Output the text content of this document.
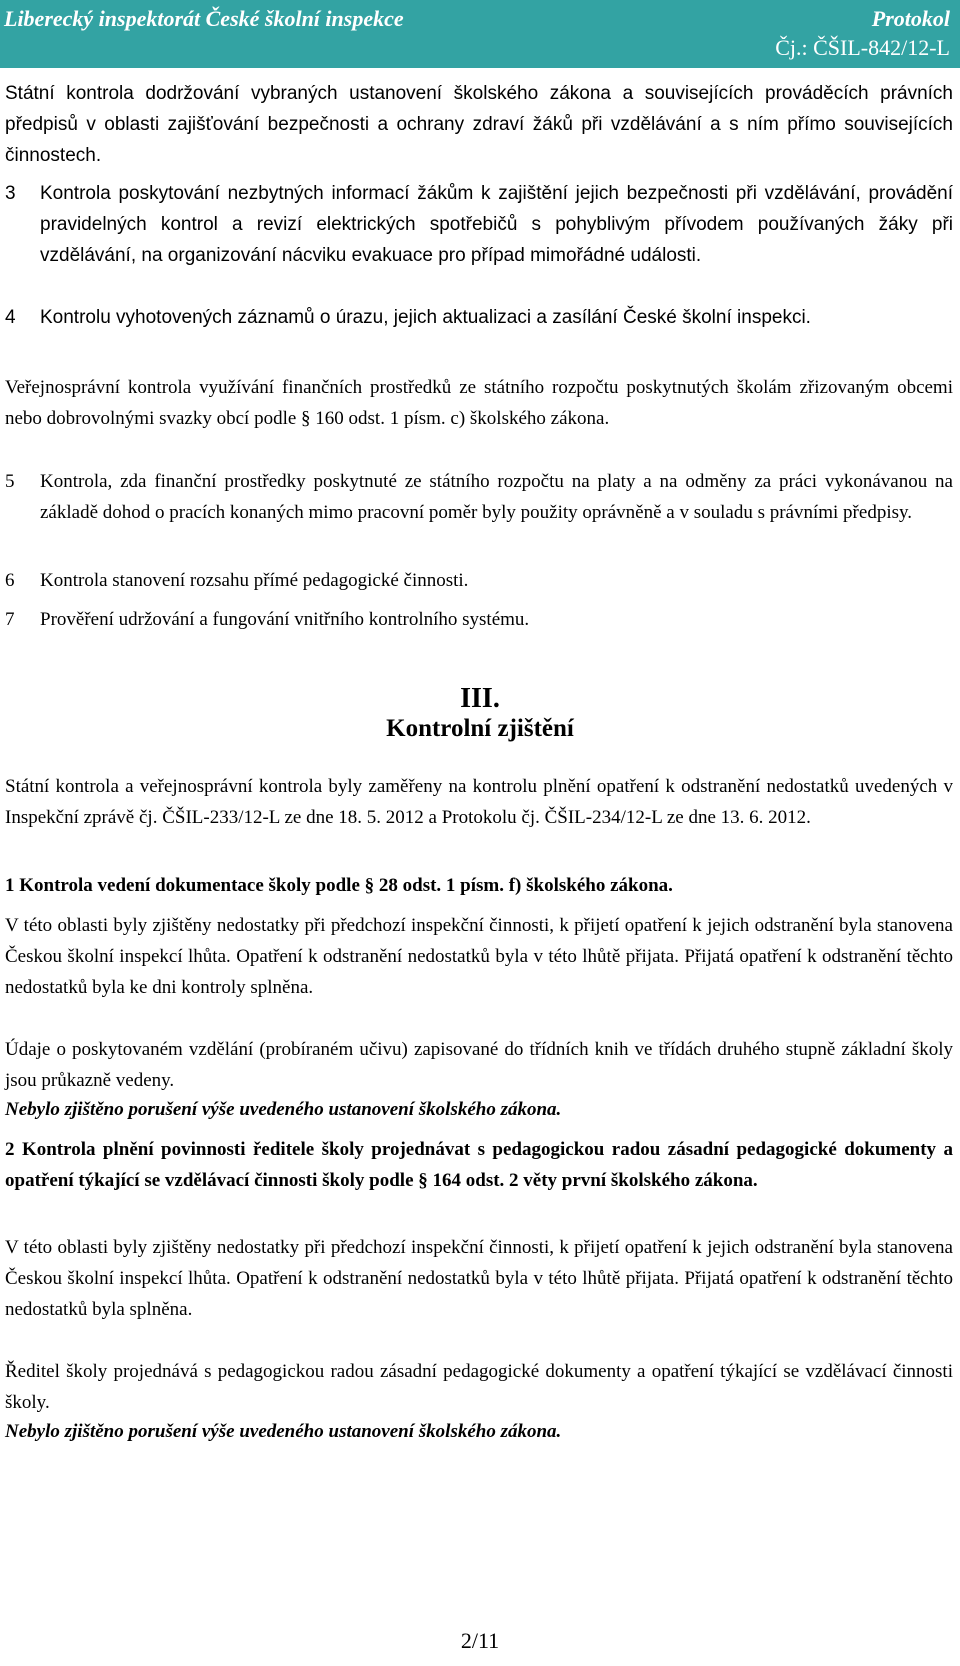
Liberecký inspektorát České školní inspekce	Protokol
Čj.: ČŠIL-842/12-L

Státní kontrola dodržování vybraných ustanovení školského zákona a souvisejících prováděcích právních předpisů v oblasti zajišťování bezpečnosti a ochrany zdraví žáků při vzdělávání a s ním přímo souvisejících činnostech.

3 Kontrola poskytování nezbytných informací žákům k zajištění jejich bezpečnosti při vzdělávání, provádění pravidelných kontrol a revizí elektrických spotřebičů s pohyblivým přívodem používaných žáky při vzdělávání, na organizování nácviku evakuace pro případ mimořádné události.

4 Kontrolu vyhotovených záznamů o úrazu, jejich aktualizaci a zasílání České školní inspekci.

Veřejnosprávní kontrola využívání finančních prostředků ze státního rozpočtu poskytnutých školám zřizovaným obcemi nebo dobrovolnými svazky obcí podle § 160 odst. 1 písm. c) školského zákona.

5 Kontrola, zda finanční prostředky poskytnuté ze státního rozpočtu na platy a na odměny za práci vykonávanou na základě dohod o pracích konaných mimo pracovní poměr byly použity oprávněně a v souladu s právními předpisy.

6 Kontrola stanovení rozsahu přímé pedagogické činnosti.

7 Prověření udržování a fungování vnitřního kontrolního systému.

III.
Kontrolní zjištění

Státní kontrola a veřejnosprávní kontrola byly zaměřeny na kontrolu plnění opatření k odstranění nedostatků uvedených v Inspekční zprávě čj. ČŠIL-233/12-L ze dne 18. 5. 2012 a Protokolu čj. ČŠIL-234/12-L ze dne 13. 6. 2012.

1 Kontrola vedení dokumentace školy podle § 28 odst. 1 písm. f) školského zákona.

V této oblasti byly zjištěny nedostatky při předchozí inspekční činnosti, k přijetí opatření k jejich odstranění byla stanovena Českou školní inspekcí lhůta. Opatření k odstranění nedostatků byla v této lhůtě přijata. Přijatá opatření k odstranění těchto nedostatků byla ke dni kontroly splněna.

Údaje o poskytovaném vzdělání (probíraném učivu) zapisované do třídních knih ve třídách druhého stupně základní školy jsou průkazně vedeny.

Nebylo zjištěno porušení výše uvedeného ustanovení školského zákona.

2 Kontrola plnění povinnosti ředitele školy projednávat s pedagogickou radou zásadní pedagogické dokumenty a opatření týkající se vzdělávací činnosti školy podle § 164 odst. 2 věty první školského zákona.

V této oblasti byly zjištěny nedostatky při předchozí inspekční činnosti, k přijetí opatření k jejich odstranění byla stanovena Českou školní inspekcí lhůta. Opatření k odstranění nedostatků byla v této lhůtě přijata. Přijatá opatření k odstranění těchto nedostatků byla splněna.

Ředitel školy projednává s pedagogickou radou zásadní pedagogické dokumenty a opatření týkající se vzdělávací činnosti školy.

Nebylo zjištěno porušení výše uvedeného ustanovení školského zákona.

2/11
